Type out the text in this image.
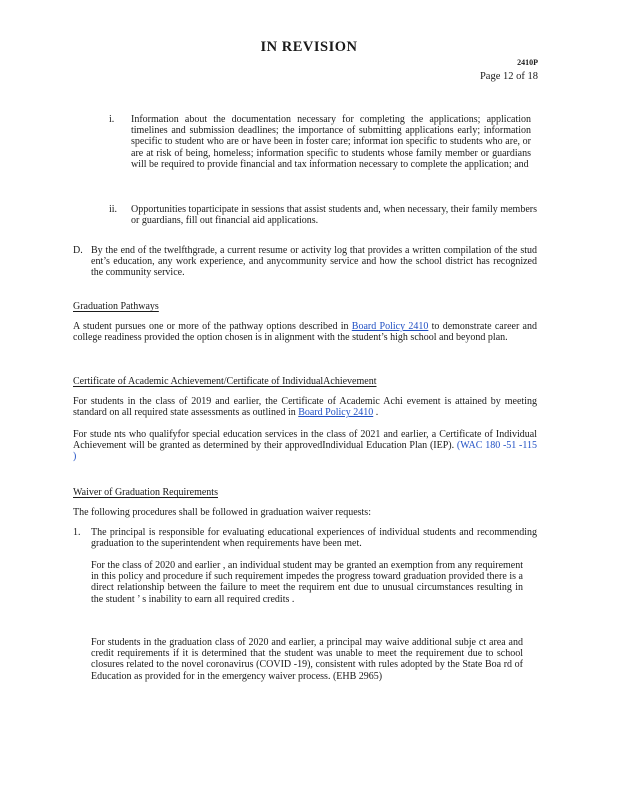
IN REVISION
2410P
Page 12 of 18
i. Information about the documentation necessary for completing the applications; application timelines and submission deadlines; the importance of submitting applications early; information specific to student who are or have been in foster care; informat ion specific to students who are, or are at risk of being, homeless; information specific to students whose family member or guardians will be required to provide financial and tax information necessary to complete the application; and

ii. Opportunities toparticipate in sessions that assist students and, when necessary, their family members or guardians, fill out financial aid applications.

D. By the end of the twelfthgrade, a current resume or activity log that provides a written compilation of the stud ent’s education, any work experience, and anycommunity service and how the school district has recognized the community service.

Graduation Pathways

A student pursues one or more of the pathway options described in Board Policy 2410 to demonstrate career and college readiness provided the option chosen is in alignment with the student’s high school and beyond plan.

Certificate of Academic Achievement/Certificate of IndividualAchievement

For students in the class of 2019 and earlier, the Certificate of Academic Achi evement is attained by meeting standard on all required state assessments as outlined in Board Policy 2410 .

For stude nts who qualifyfor special education services in the class of 2021 and earlier, a Certificate of Individual Achievement will be granted as determined by their approvedIndividual Education Plan (IEP). (WAC 180 -51 -115 )

Waiver of Graduation Requirements

The following procedures shall be followed in graduation waiver requests:

1. The principal is responsible for evaluating educational experiences of individual students and recommending graduation to the superintendent when requirements have been met.

For the class of 2020 and earlier , an individual student may be granted an exemption from any requirement in this policy and procedure if such requirement impedes the progress toward graduation provided there is a direct relationship between the failure to meet the requirem ent due to unusual circumstances resulting in the student ’ s inability to earn all required credits .

For students in the graduation class of 2020 and earlier, a principal may waive additional subje ct area and credit requirements if it is determined that the student was unable to meet the requirement due to school closures related to the novel coronavirus (COVID -19), consistent with rules adopted by the State Boa rd of Education as provided for in the emergency waiver process. (EHB 2965)
